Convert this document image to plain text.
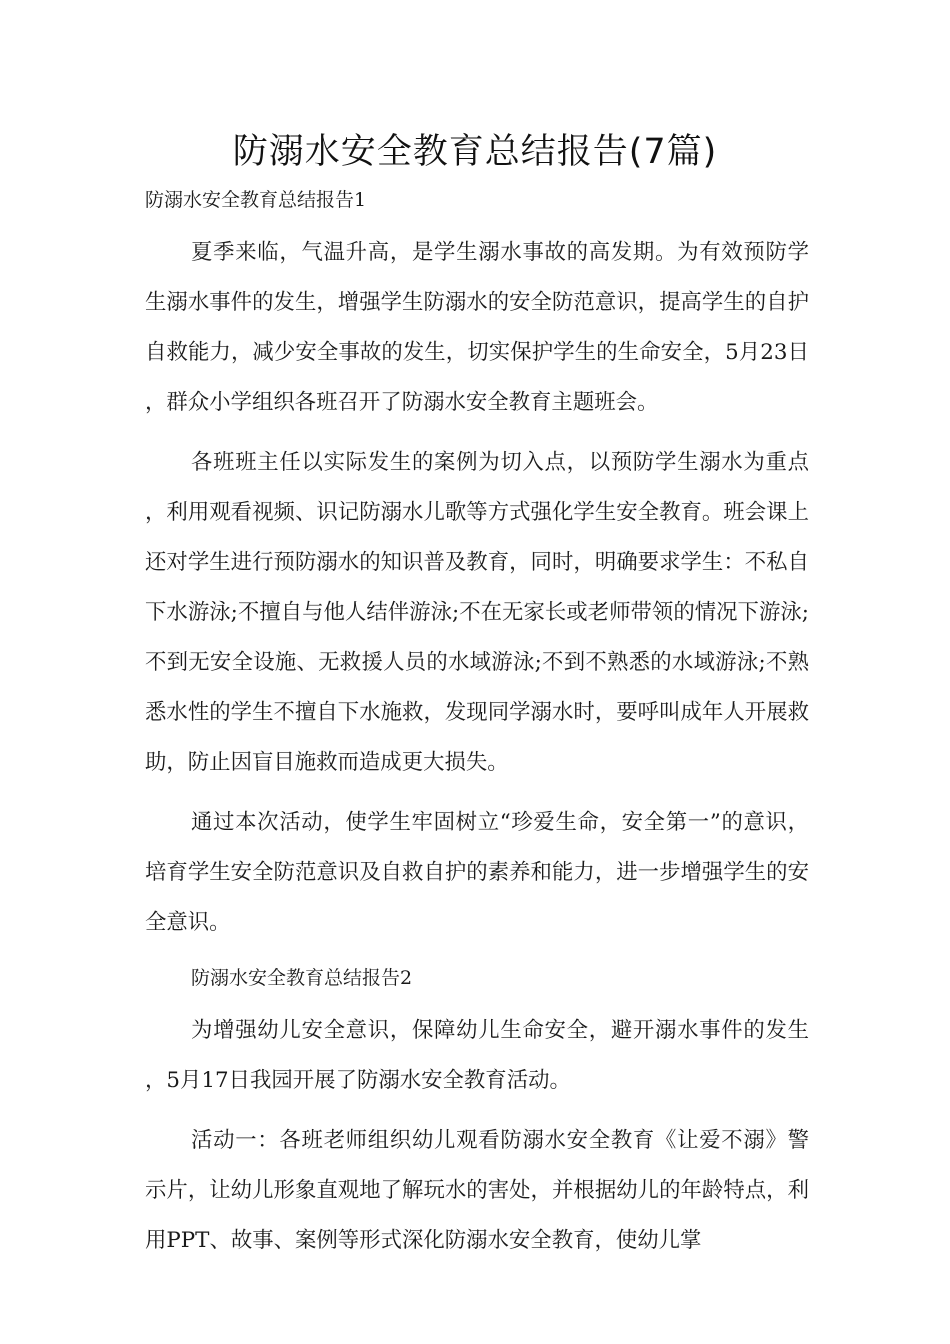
防溺水安全教育总结报告(7篇)
防溺水安全教育总结报告1

夏季来临，气温升高，是学生溺水事故的高发期。为有效预防学生溺水事件的发生，增强学生防溺水的安全防范意识，提高学生的自护自救能力，减少安全事故的发生，切实保护学生的生命安全，5月23日，群众小学组织各班召开了防溺水安全教育主题班会。

各班班主任以实际发生的案例为切入点，以预防学生溺水为重点，利用观看视频、识记防溺水儿歌等方式强化学生安全教育。班会课上还对学生进行预防溺水的知识普及教育，同时，明确要求学生：不私自下水游泳;不擅自与他人结伴游泳;不在无家长或老师带领的情况下游泳;不到无安全设施、无救援人员的水域游泳;不到不熟悉的水域游泳;不熟悉水性的学生不擅自下水施救，发现同学溺水时，要呼叫成年人开展救助，防止因盲目施救而造成更大损失。

通过本次活动，使学生牢固树立“珍爱生命，安全第一”的意识，培育学生安全防范意识及自救自护的素养和能力，进一步增强学生的安全意识。

防溺水安全教育总结报告2

为增强幼儿安全意识，保障幼儿生命安全，避开溺水事件的发生，5月17日我园开展了防溺水安全教育活动。

活动一：各班老师组织幼儿观看防溺水安全教育《让爱不溺》警示片，让幼儿形象直观地了解玩水的害处，并根据幼儿的年龄特点，利用PPT、故事、案例等形式深化防溺水安全教育，使幼儿掌
